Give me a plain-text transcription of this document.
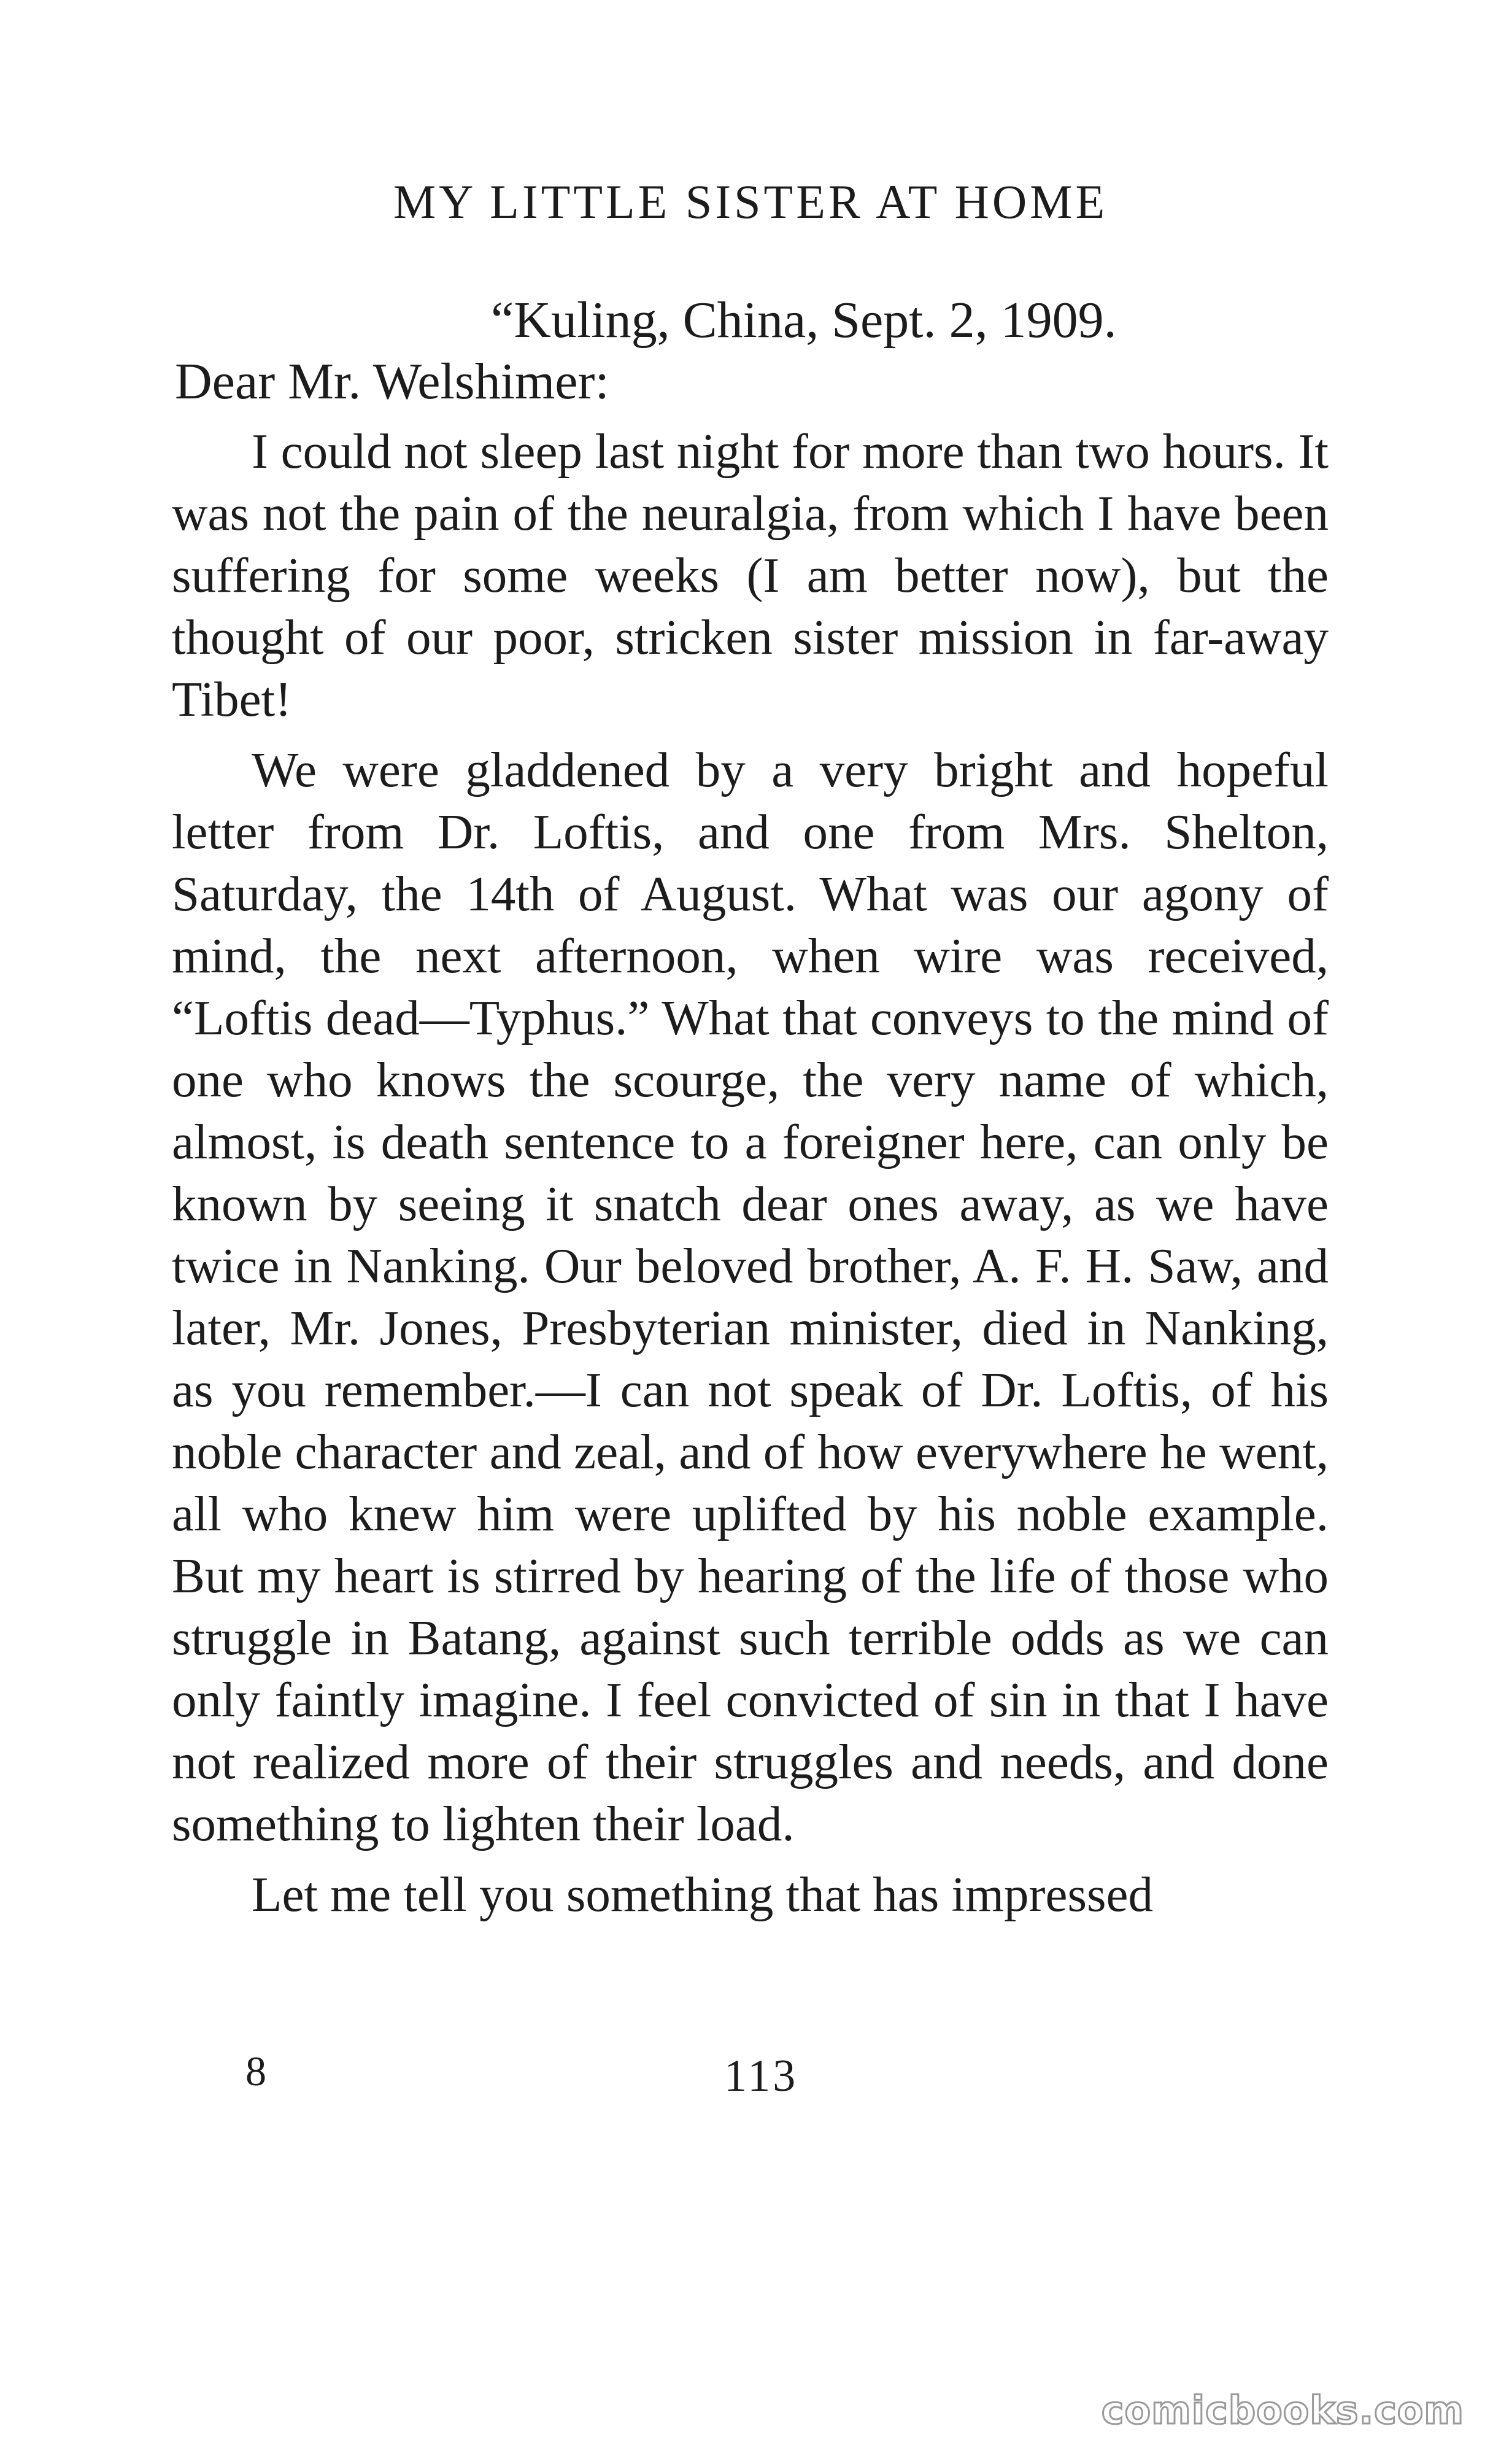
MY LITTLE SISTER AT HOME
“Kuling, China, Sept. 2, 1909.
Dear Mr. Welshimer:

I could not sleep last night for more than two hours. It was not the pain of the neuralgia, from which I have been suffering for some weeks (I am better now), but the thought of our poor, stricken sister mission in far-away Tibet!

We were gladdened by a very bright and hopeful letter from Dr. Loftis, and one from Mrs. Shelton, Saturday, the 14th of August. What was our agony of mind, the next afternoon, when wire was received, “Loftis dead—Typhus.” What that conveys to the mind of one who knows the scourge, the very name of which, almost, is death sentence to a foreigner here, can only be known by seeing it snatch dear ones away, as we have twice in Nanking. Our beloved brother, A. F. H. Saw, and later, Mr. Jones, Presbyterian minister, died in Nanking, as you remember.—I can not speak of Dr. Loftis, of his noble character and zeal, and of how everywhere he went, all who knew him were uplifted by his noble example. But my heart is stirred by hearing of the life of those who struggle in Batang, against such terrible odds as we can only faintly imagine. I feel convicted of sin in that I have not realized more of their struggles and needs, and done something to lighten their load.

Let me tell you something that has impressed

8	113
comicbooks.com
